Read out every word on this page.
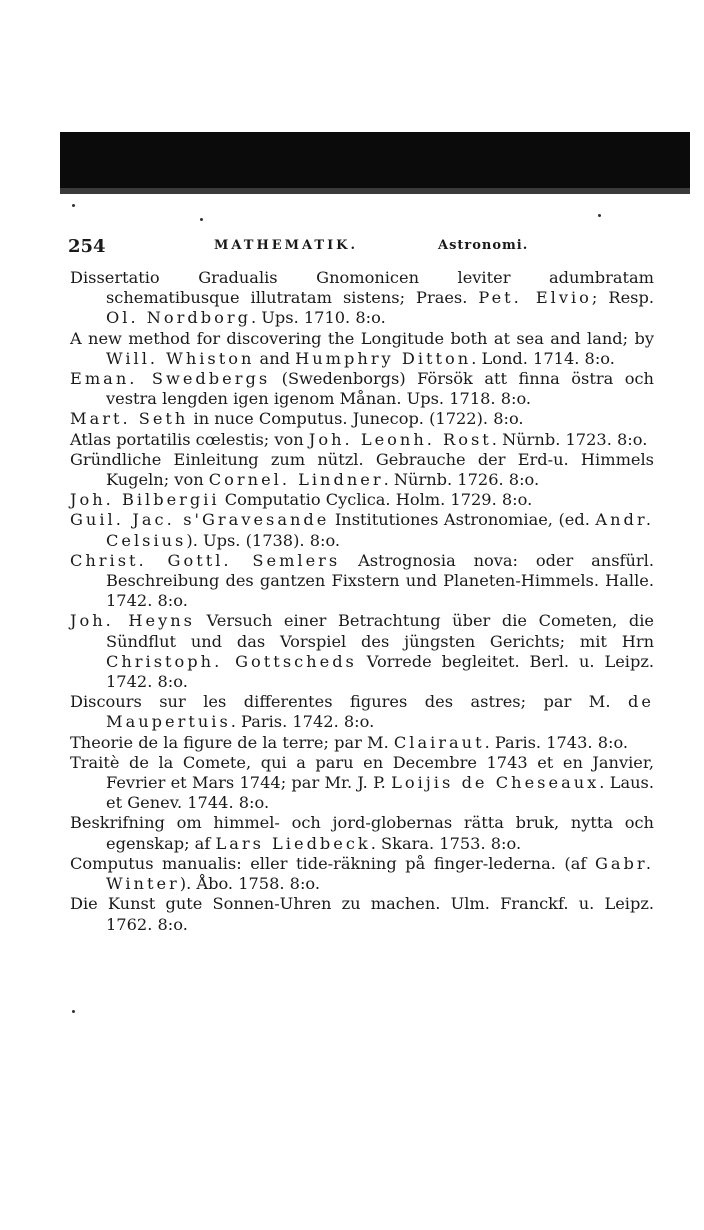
254	MATHEMATIK.	Astronomi.

Dissertatio Gradualis Gnomonicen leviter adumbratam schematibusque illutratam sistens; Praes. Pet. Elvio; Resp. Ol. Nordborg. Ups. 1710. 8:o.

A new method for discovering the Longitude both at sea and land; by Will. Whiston and Humphry Ditton. Lond. 1714. 8:o.

Eman. Swedbergs (Swedenborgs) Försök att finna östra och vestra lengden igen igenom Månan. Ups. 1718. 8:o.

Mart. Seth in nuce Computus. Junecop. (1722). 8:o.

Atlas portatilis cœlestis; von Joh. Leonh. Rost. Nürnb. 1723. 8:o.

Gründliche Einleitung zum nützl. Gebrauche der Erd-u. Himmels Kugeln; von Cornel. Lindner. Nürnb. 1726. 8:o.

Joh. Bilbergii Computatio Cyclica. Holm. 1729. 8:o.

Guil. Jac. s'Gravesande Institutiones Astronomiae, (ed. Andr. Celsius). Ups. (1738). 8:o.

Christ. Gottl. Semlers Astrognosia nova: oder ansfürl. Beschreibung des gantzen Fixstern und Planeten-Himmels. Halle. 1742. 8:o.

Joh. Heyns Versuch einer Betrachtung über die Cometen, die Sündflut und das Vorspiel des jüngsten Gerichts; mit Hrn Christoph. Gottscheds Vorrede begleitet. Berl. u. Leipz. 1742. 8:o.

Discours sur les differentes figures des astres; par M. de Maupertuis. Paris. 1742. 8:o.

Theorie de la figure de la terre; par M. Clairaut. Paris. 1743. 8:o.

Traitè de la Comete, qui a paru en Decembre 1743 et en Janvier, Fevrier et Mars 1744; par Mr. J. P. Loijis de Cheseaux. Laus. et Genev. 1744. 8:o.

Beskrifning om himmel- och jord-globernas rätta bruk, nytta och egenskap; af Lars Liedbeck. Skara. 1753. 8:o.

Computus manualis: eller tide-räkning på finger-lederna. (af Gabr. Winter). Åbo. 1758. 8:o.

Die Kunst gute Sonnen-Uhren zu machen. Ulm. Franckf. u. Leipz. 1762. 8:o.
